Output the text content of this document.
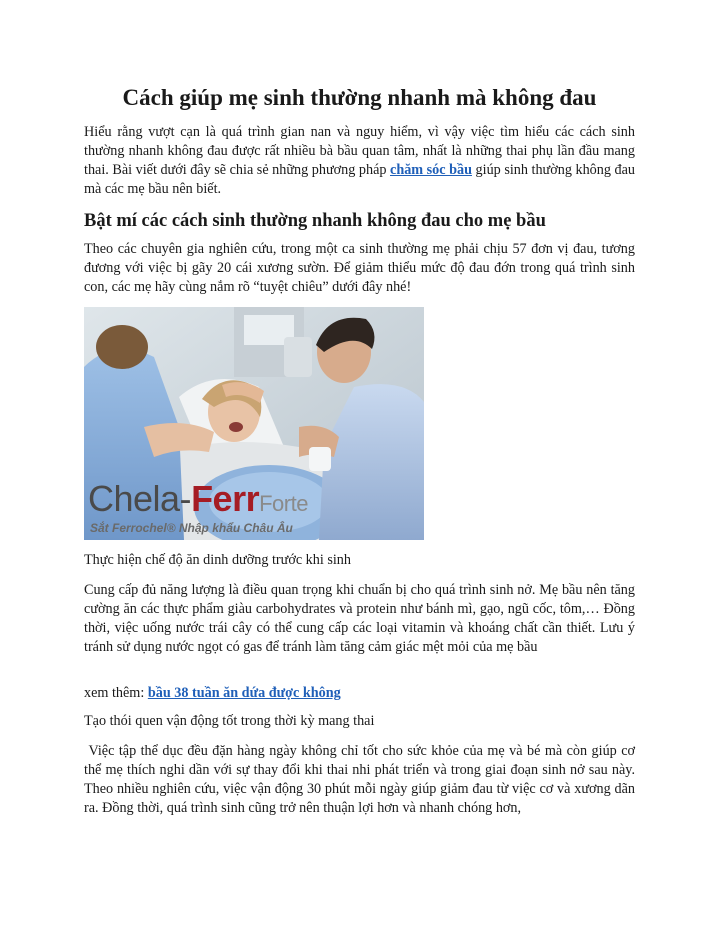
Cách giúp mẹ sinh thường nhanh mà không đau

Hiểu rằng vượt cạn là quá trình gian nan và nguy hiểm, vì vậy việc tìm hiểu các cách sinh thường nhanh không đau được rất nhiều bà bầu quan tâm, nhất là những thai phụ lần đầu mang thai. Bài viết dưới đây sẽ chia sẻ những phương pháp chăm sóc bầu giúp sinh thường không đau mà các mẹ bầu nên biết.

Bật mí các cách sinh thường nhanh không đau cho mẹ bầu

Theo các chuyên gia nghiên cứu, trong một ca sinh thường mẹ phải chịu 57 đơn vị đau, tương đương với việc bị gãy 20 cái xương sườn. Để giảm thiểu mức độ đau đớn trong quá trình sinh con, các mẹ hãy cùng nắm rõ “tuyệt chiêu” dưới đây nhé!

Chela-FerrForte
Sắt Ferrochel® Nhập khẩu Châu Âu

Thực hiện chế độ ăn dinh dưỡng trước khi sinh

Cung cấp đủ năng lượng là điều quan trọng khi chuẩn bị cho quá trình sinh nở. Mẹ bầu nên tăng cường ăn các thực phẩm giàu carbohydrates và protein như bánh mì, gạo, ngũ cốc, tôm,… Đồng thời, việc uống nước trái cây có thể cung cấp các loại vitamin và khoáng chất cần thiết. Lưu ý tránh sử dụng nước ngọt có gas để tránh làm tăng cảm giác mệt mỏi của mẹ bầu

xem thêm: bầu 38 tuần ăn dứa được không

Tạo thói quen vận động tốt trong thời kỳ mang thai

Việc tập thể dục đều đặn hàng ngày không chỉ tốt cho sức khỏe của mẹ và bé mà còn giúp cơ thể mẹ thích nghi dần với sự thay đổi khi thai nhi phát triển và trong giai đoạn sinh nở sau này. Theo nhiều nghiên cứu, việc vận động 30 phút mỗi ngày giúp giảm đau từ việc cơ và xương dãn ra. Đồng thời, quá trình sinh cũng trở nên thuận lợi hơn và nhanh chóng hơn,
